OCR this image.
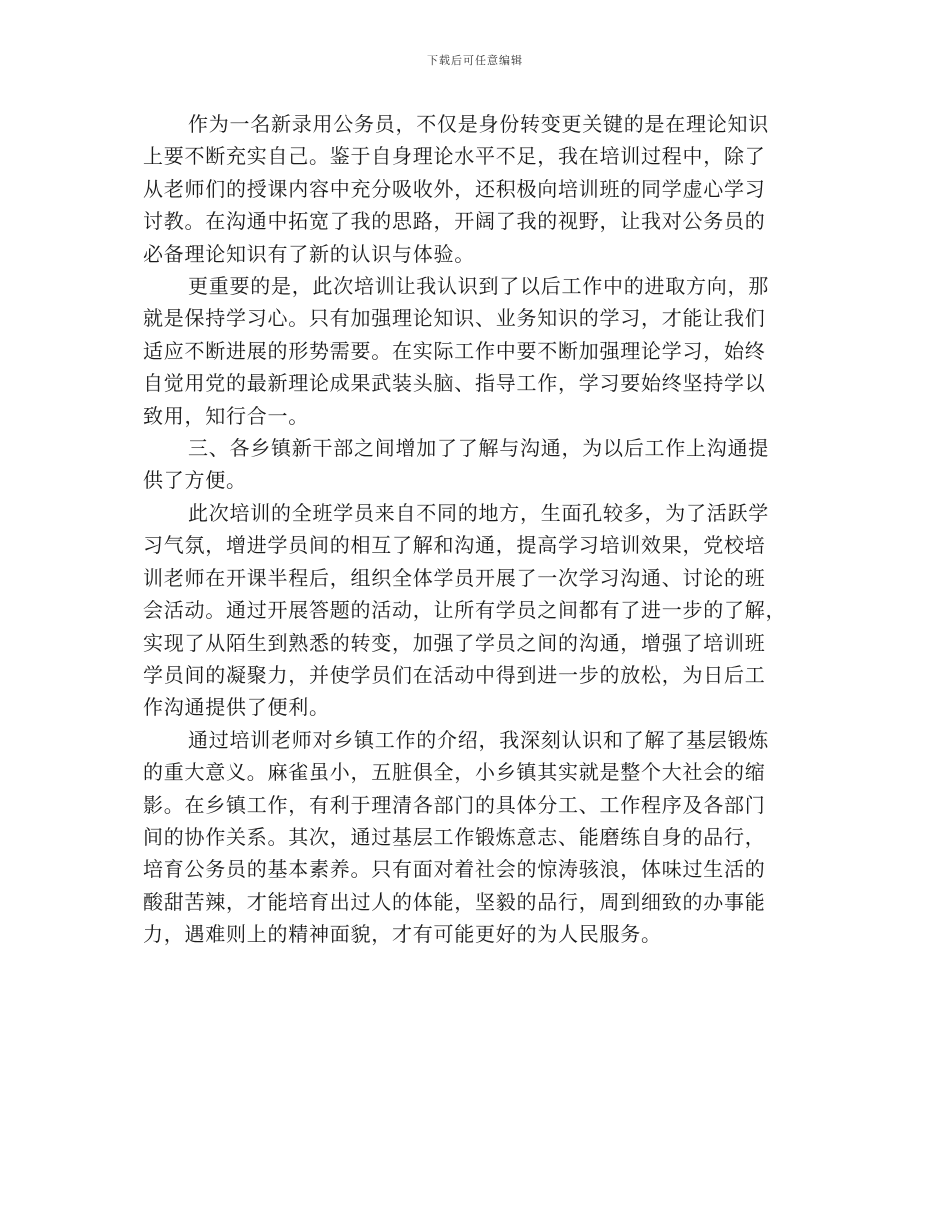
下载后可任意编辑

作为一名新录用公务员，不仅是身份转变更关键的是在理论知识
上要不断充实自己。鉴于自身理论水平不足，我在培训过程中，除了
从老师们的授课内容中充分吸收外，还积极向培训班的同学虚心学习
讨教。在沟通中拓宽了我的思路，开阔了我的视野，让我对公务员的
必备理论知识有了新的认识与体验。

更重要的是，此次培训让我认识到了以后工作中的进取方向，那
就是保持学习心。只有加强理论知识、业务知识的学习，才能让我们
适应不断进展的形势需要。在实际工作中要不断加强理论学习，始终
自觉用党的最新理论成果武装头脑、指导工作，学习要始终坚持学以
致用，知行合一。

三、各乡镇新干部之间增加了了解与沟通，为以后工作上沟通提
供了方便。

此次培训的全班学员来自不同的地方，生面孔较多，为了活跃学
习气氛，增进学员间的相互了解和沟通，提高学习培训效果，党校培
训老师在开课半程后，组织全体学员开展了一次学习沟通、讨论的班
会活动。通过开展答题的活动，让所有学员之间都有了进一步的了解，
实现了从陌生到熟悉的转变，加强了学员之间的沟通，增强了培训班
学员间的凝聚力，并使学员们在活动中得到进一步的放松，为日后工
作沟通提供了便利。

通过培训老师对乡镇工作的介绍，我深刻认识和了解了基层锻炼
的重大意义。麻雀虽小，五脏俱全，小乡镇其实就是整个大社会的缩
影。在乡镇工作，有利于理清各部门的具体分工、工作程序及各部门
间的协作关系。其次，通过基层工作锻炼意志、能磨练自身的品行，
培育公务员的基本素养。只有面对着社会的惊涛骇浪，体味过生活的
酸甜苦辣，才能培育出过人的体能，坚毅的品行，周到细致的办事能
力，遇难则上的精神面貌，才有可能更好的为人民服务。
